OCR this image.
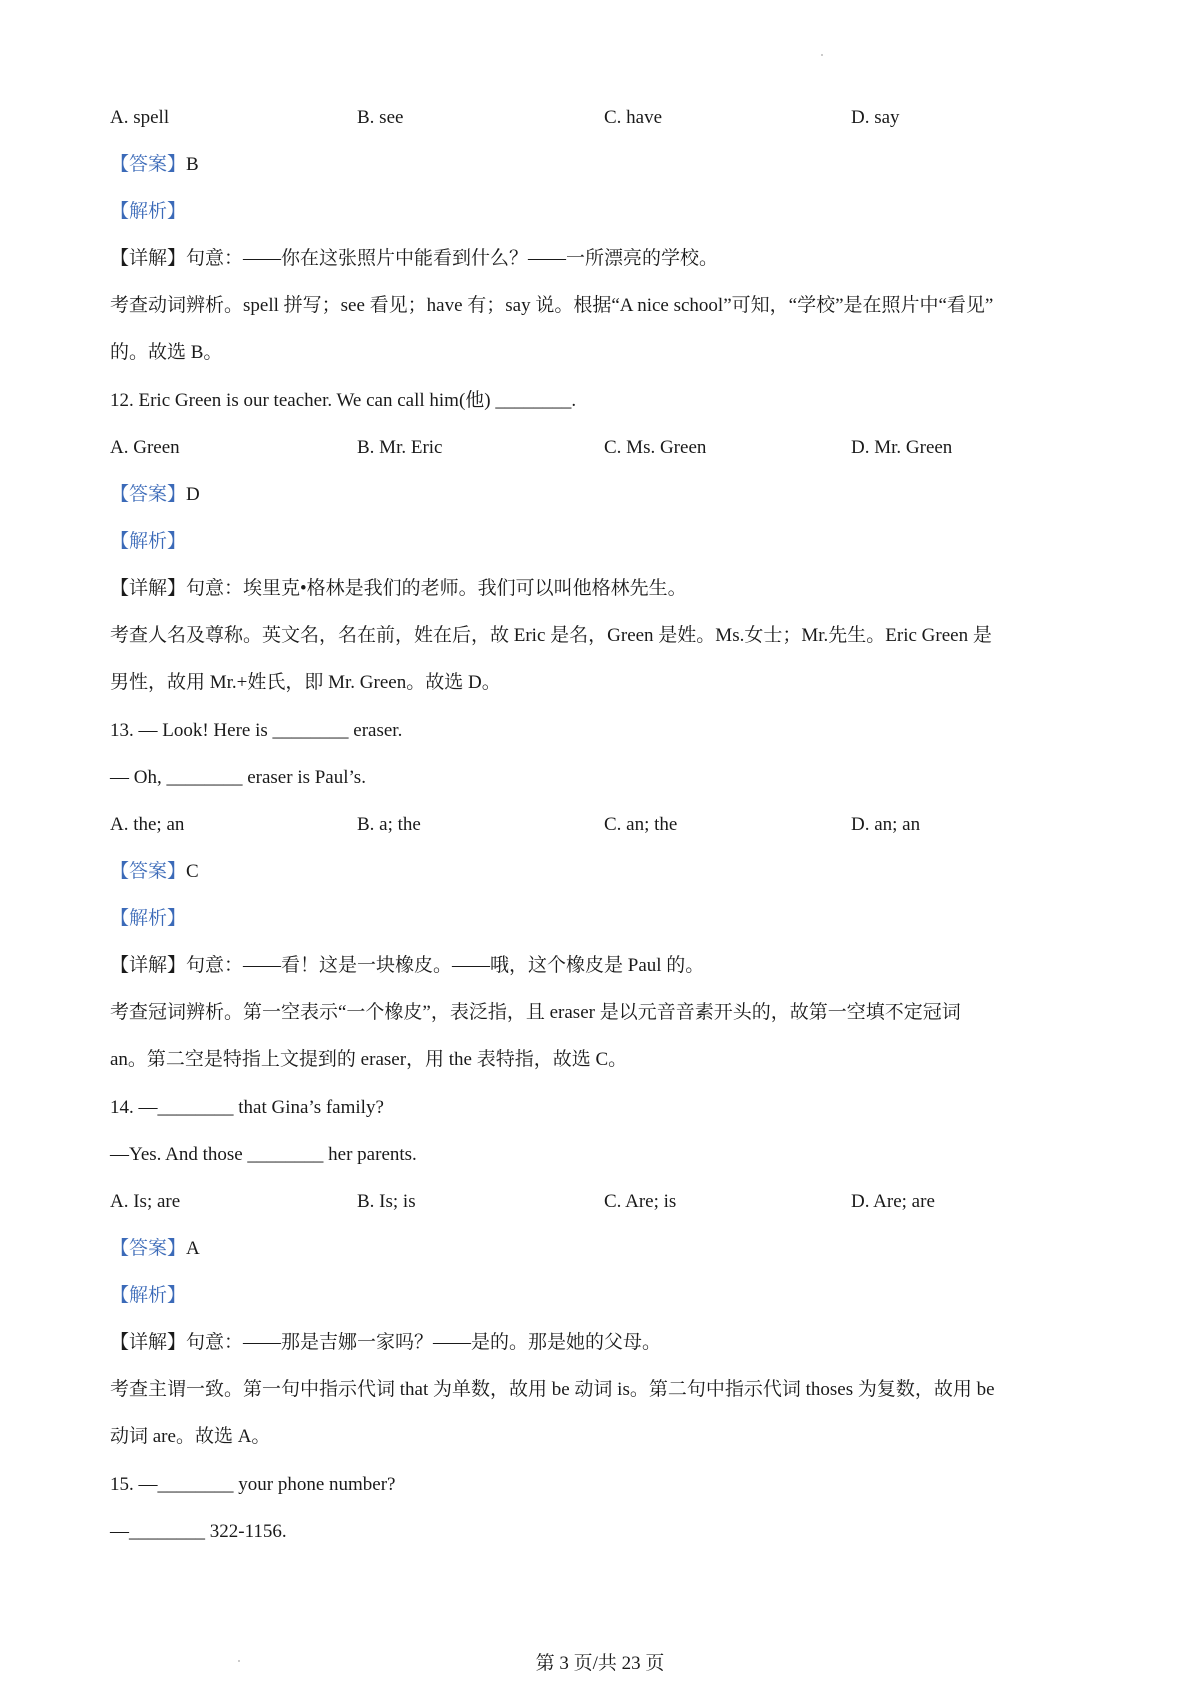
A. spell	B. see	C. have	D. say
【答案】B
【解析】
【详解】句意：——你在这张照片中能看到什么？——一所漂亮的学校。
考查动词辨析。spell 拼写；see 看见；have 有；say 说。根据“A nice school”可知，“学校”是在照片中“看见”
的。故选 B。
12. Eric Green is our teacher. We can call him(他) ________.
A. Green	B. Mr. Eric	C. Ms. Green	D. Mr. Green
【答案】D
【解析】
【详解】句意：埃里克•格林是我们的老师。我们可以叫他格林先生。
考查人名及尊称。英文名，名在前，姓在后，故 Eric 是名，Green 是姓。Ms.女士；Mr.先生。Eric Green 是
男性，故用 Mr.+姓氏，即 Mr. Green。故选 D。
13. — Look! Here is ________ eraser.
— Oh, ________ eraser is Paul’s.
A. the; an	B. a; the	C. an; the	D. an; an
【答案】C
【解析】
【详解】句意：——看！这是一块橡皮。——哦，这个橡皮是 Paul 的。
考查冠词辨析。第一空表示“一个橡皮”，表泛指，且 eraser 是以元音音素开头的，故第一空填不定冠词
an。第二空是特指上文提到的 eraser，用 the 表特指，故选 C。
14. —________ that Gina’s family?
—Yes. And those ________ her parents.
A. Is; are	B. Is; is	C. Are; is	D. Are; are
【答案】A
【解析】
【详解】句意：——那是吉娜一家吗？——是的。那是她的父母。
考查主谓一致。第一句中指示代词 that 为单数，故用 be 动词 is。第二句中指示代词 thoses 为复数，故用 be
动词 are。故选 A。
15. —________ your phone number?
—________ 322-1156.
第 3 页/共 23 页
